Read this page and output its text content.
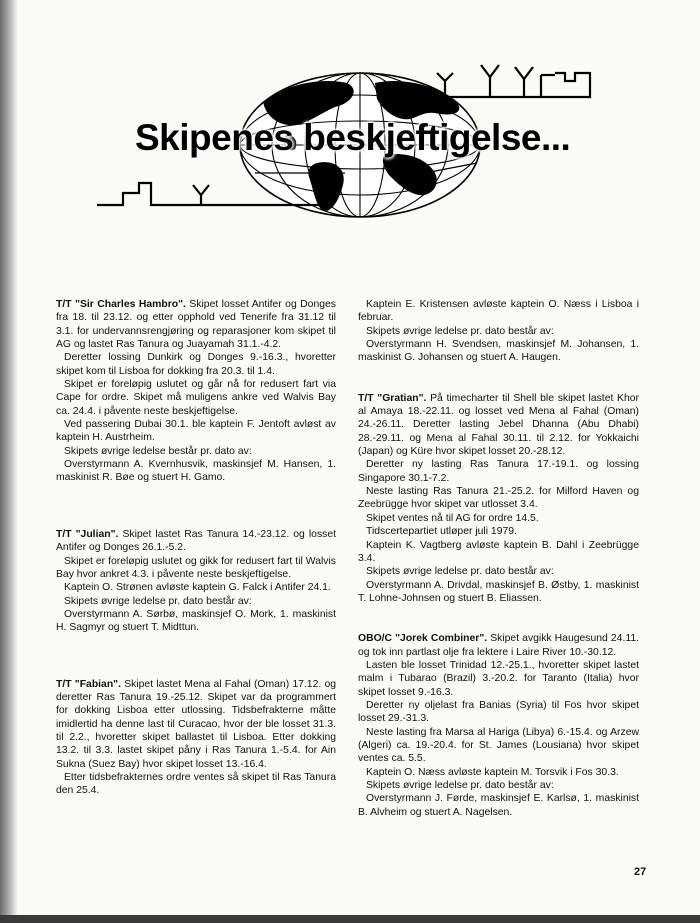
Skipenes beskjeftigelse...

T/T "Sir Charles Hambro". Skipet losset Antifer og Donges fra 18. til 23.12. og etter opphold ved Tenerife fra 31.12 til 3.1. for undervannsrengjøring og reparasjoner kom skipet til AG og lastet Ras Tanura og Juayamah 31.1.-4.2.

Deretter lossing Dunkirk og Donges 9.-16.3., hvoretter skipet kom til Lisboa for dokking fra 20.3. til 1.4.

Skipet er foreløpig uslutet og går nå for redusert fart via Cape for ordre. Skipet må muligens ankre ved Walvis Bay ca. 24.4. i påvente neste beskjeftigelse.

Ved passering Dubai 30.1. ble kaptein F. Jentoft avløst av kaptein H. Austrheim.

Skipets øvrige ledelse består pr. dato av:

Overstyrmann A. Kvernhusvik, maskinsjef M. Hansen, 1. maskinist R. Bøe og stuert H. Gamo.

T/T "Julian". Skipet lastet Ras Tanura 14.-23.12. og losset Antifer og Donges 26.1.-5.2.

Skipet er foreløpig uslutet og gikk for redusert fart til Walvis Bay hvor ankret 4.3. i påvente neste beskjeftigelse.

Kaptein O. Strønen avløste kaptein G. Falck i Antifer 24.1.

Skipets øvrige ledelse pr. dato består av:

Overstyrmann A. Sørbø, maskinsjef O. Mork, 1. maskinist H. Sagmyr og stuert T. Midttun.

T/T "Fabian". Skipet lastet Mena al Fahal (Oman) 17.12. og deretter Ras Tanura 19.-25.12. Skipet var da programmert for dokking Lisboa etter utlossing. Tidsbefrakterne måtte imidlertid ha denne last til Curacao, hvor der ble losset 31.3. til 2.2., hvoretter skipet ballastet til Lisboa. Etter dokking 13.2. til 3.3. lastet skipet påny i Ras Tanura 1.-5.4. for Ain Sukna (Suez Bay) hvor skipet losset 13.-16.4.

Etter tidsbefrakternes ordre ventes så skipet til Ras Tanura den 25.4.

Kaptein E. Kristensen avløste kaptein O. Næss i Lisboa i februar.

Skipets øvrige ledelse pr. dato består av:

Overstyrmann H. Svendsen, maskinsjef M. Johansen, 1. maskinist G. Johansen og stuert A. Haugen.

T/T "Gratian". På timecharter til Shell ble skipet lastet Khor al Amaya 18.-22.11. og losset ved Mena al Fahal (Oman) 24.-26.11. Deretter lasting Jebel Dhanna (Abu Dhabi) 28.-29.11. og Mena al Fahal 30.11. til 2.12. for Yokkaichi (Japan) og Küre hvor skipet losset 20.-28.12.

Deretter ny lasting Ras Tanura 17.-19.1. og lossing Singapore 30.1-7.2.

Neste lasting Ras Tanura 21.-25.2. for Milford Haven og Zeebrügge hvor skipet var utlosset 3.4.

Skipet ventes nå til AG for ordre 14.5.

Tidscertepartiet utløper juli 1979.

Kaptein K. Vagtberg avløste kaptein B. Dahl i Zeebrügge 3.4.

Skipets øvrige ledelse pr. dato består av:

Overstyrmann A. Drivdal, maskinsjef B. Østby, 1. maskinist T. Lohne-Johnsen og stuert B. Eliassen.

OBO/C "Jorek Combiner". Skipet avgikk Haugesund 24.11. og tok inn partlast olje fra lektere i Laire River 10.-30.12.

Lasten ble losset Trinidad 12.-25.1., hvoretter skipet lastet malm i Tubarao (Brazil) 3.-20.2. for Taranto (Italia) hvor skipet losset 9.-16.3.

Deretter ny oljelast fra Banias (Syria) til Fos hvor skipet losset 29.-31.3.

Neste lasting fra Marsa al Hariga (Libya) 6.-15.4. og Arzew (Algeri) ca. 19.-20.4. for St. James (Lousiana) hvor skipet ventes ca. 5.5.

Kaptein O. Næss avløste kaptein M. Torsvik i Fos 30.3.

Skipets øvrige ledelse pr. dato består av:

Overstyrmann J. Førde, maskinsjef E. Karlsø, 1. maskinist B. Alvheim og stuert A. Nagelsen.

27
